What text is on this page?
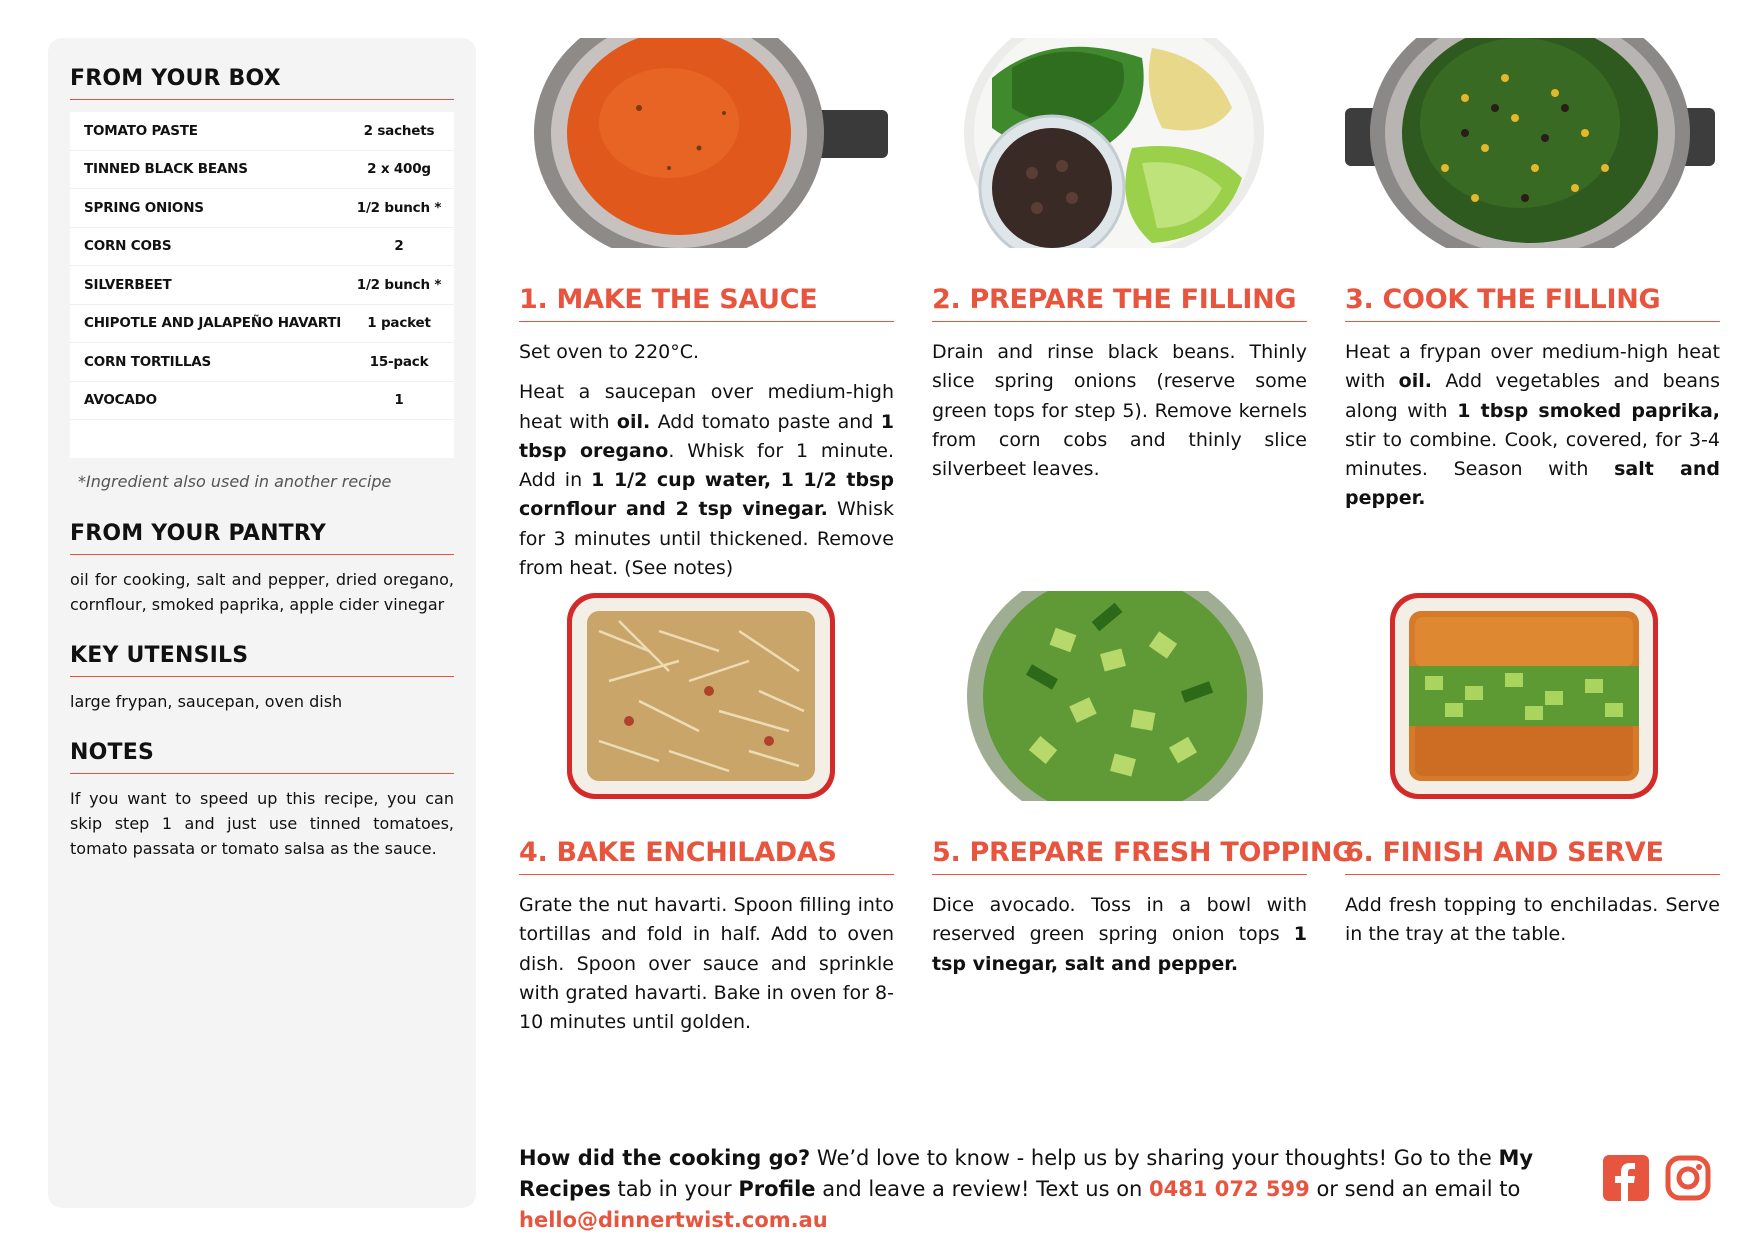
FROM YOUR BOX
TOMATO PASTE	2 sachets
TINNED BLACK BEANS	2 x 400g
SPRING ONIONS	1/2 bunch *
CORN COBS	2
SILVERBEET	1/2 bunch *
CHIPOTLE AND JALAPEÑO HAVARTI	1 packet
CORN TORTILLAS	15-pack
AVOCADO	1
*Ingredient also used in another recipe
FROM YOUR PANTRY
oil for cooking, salt and pepper, dried oregano, cornflour, smoked paprika, apple cider vinegar
KEY UTENSILS
large frypan, saucepan, oven dish
NOTES
If you want to speed up this recipe, you can skip step 1 and just use tinned tomatoes, tomato passata or tomato salsa as the sauce.
1. MAKE THE SAUCE

Set oven to 220°C.

Heat a saucepan over medium-high heat with oil. Add tomato paste and 1 tbsp oregano. Whisk for 1 minute. Add in 1 1/2 cup water, 1 1/2 tbsp cornflour and 2 tsp vinegar. Whisk for 3 minutes until thickened. Remove from heat. (See notes)

2. PREPARE THE FILLING

Drain and rinse black beans. Thinly slice spring onions (reserve some green tops for step 5). Remove kernels from corn cobs and thinly slice silverbeet leaves.

3. COOK THE FILLING

Heat a frypan over medium-high heat with oil. Add vegetables and beans along with 1 tbsp smoked paprika, stir to combine. Cook, covered, for 3-4 minutes. Season with salt and pepper.

4. BAKE ENCHILADAS

Grate the nut havarti. Spoon filling into tortillas and fold in half. Add to oven dish. Spoon over sauce and sprinkle with grated havarti. Bake in oven for 8-10 minutes until golden.

5. PREPARE FRESH TOPPING

Dice avocado. Toss in a bowl with reserved green spring onion tops 1 tsp vinegar, salt and pepper.

6. FINISH AND SERVE

Add fresh topping to enchiladas. Serve in the tray at the table.

How did the cooking go? We’d love to know - help us by sharing your thoughts! Go to the My Recipes tab in your Profile and leave a review! Text us on 0481 072 599 or send an email to hello@dinnertwist.com.au
